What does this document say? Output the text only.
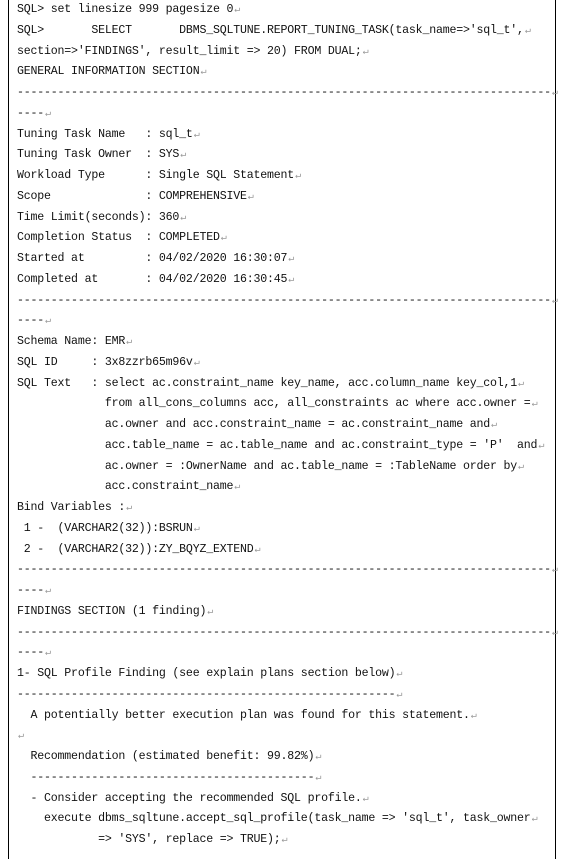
SQL> set linesize 999 pagesize 0↵
SQL>       SELECT       DBMS_SQLTUNE.REPORT_TUNING_TASK(task_name=>'sql_t',↵
section=>'FINDINGS', result_limit => 20) FROM DUAL;↵
GENERAL INFORMATION SECTION↵
-------------------------------------------------------------------------------↵
----↵
Tuning Task Name   : sql_t↵
Tuning Task Owner  : SYS↵
Workload Type      : Single SQL Statement↵
Scope              : COMPREHENSIVE↵
Time Limit(seconds): 360↵
Completion Status  : COMPLETED↵
Started at         : 04/02/2020 16:30:07↵
Completed at       : 04/02/2020 16:30:45↵
-------------------------------------------------------------------------------↵
----↵
Schema Name: EMR↵
SQL ID     : 3x8zzrb65m96v↵
SQL Text   : select ac.constraint_name key_name, acc.column_name key_col,1↵
from all_cons_columns acc, all_constraints ac where acc.owner =↵
ac.owner and acc.constraint_name = ac.constraint_name and↵
acc.table_name = ac.table_name and ac.constraint_type = 'P'  and↵
ac.owner = :OwnerName and ac.table_name = :TableName order by↵
acc.constraint_name↵
Bind Variables :↵
1 -  (VARCHAR2(32)):BSRUN↵
2 -  (VARCHAR2(32)):ZY_BQYZ_EXTEND↵
-------------------------------------------------------------------------------↵
----↵
FINDINGS SECTION (1 finding)↵
-------------------------------------------------------------------------------↵
----↵
1- SQL Profile Finding (see explain plans section below)↵
--------------------------------------------------------↵
A potentially better execution plan was found for this statement.↵
↵
Recommendation (estimated benefit: 99.82%)↵
------------------------------------------↵
- Consider accepting the recommended SQL profile.↵
execute dbms_sqltune.accept_sql_profile(task_name => 'sql_t', task_owner↵
=> 'SYS', replace => TRUE);↵
